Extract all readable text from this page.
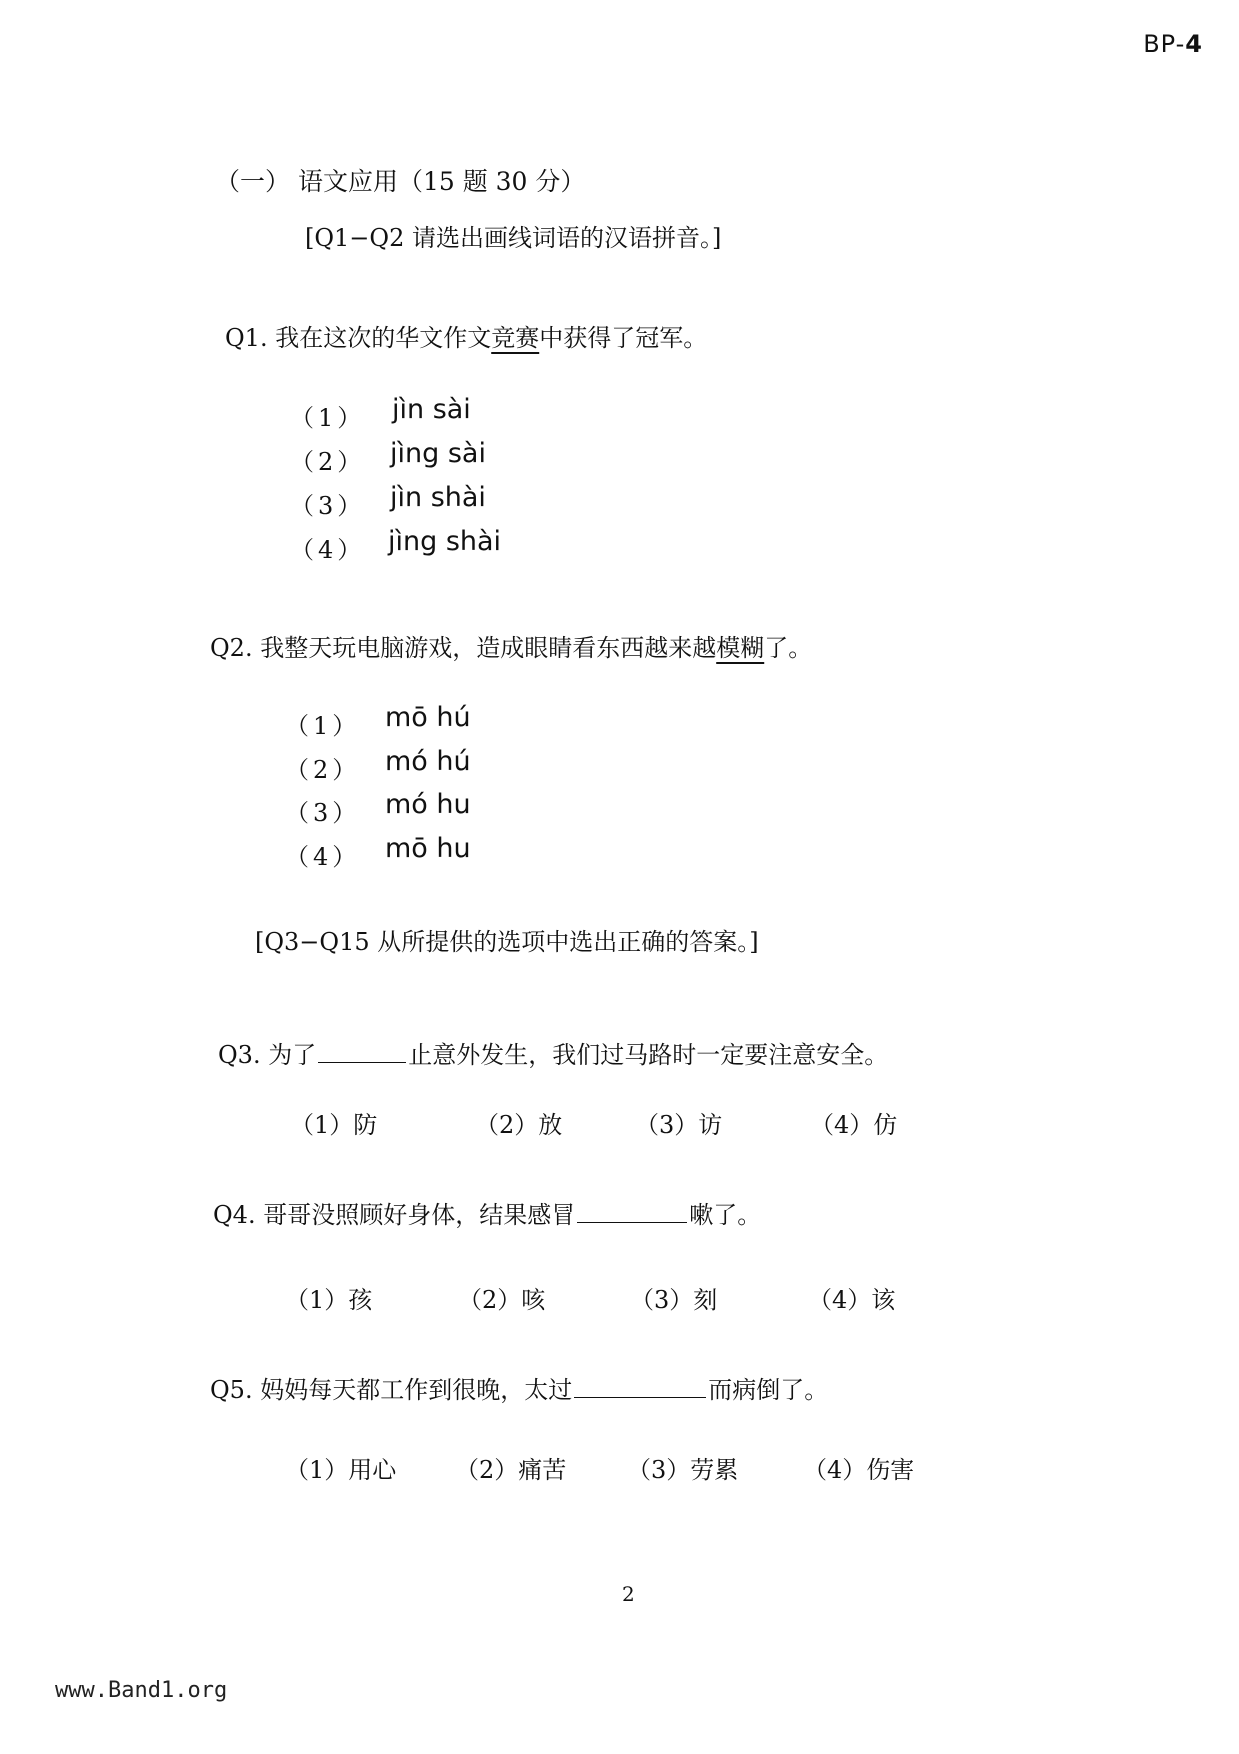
BP-4
（一） 语文应用（15 题 30 分）
[Q1−Q2 请选出画线词语的汉语拼音。]
Q1. 我在这次的华文作文竞赛中获得了冠军。
（1） jìn sài
（2） jìng sài
（3） jìn shài
（4） jìng shài
Q2. 我整天玩电脑游戏，造成眼睛看东西越来越模糊了。
（1） mō hú
（2） mó hú
（3） mó hu
（4） mō hu
[Q3−Q15 从所提供的选项中选出正确的答案。]
Q3. 为了	止意外发生，我们过马路时一定要注意安全。
（1）防	（2）放	（3）访	（4）仿
Q4. 哥哥没照顾好身体，结果感冒	嗽了。
（1）孩	（2）咳	（3）刻	（4）该
Q5. 妈妈每天都工作到很晚，太过	而病倒了。
（1）用心 （2）痛苦	（3）劳累	（4）伤害
2
www.Band1.org
